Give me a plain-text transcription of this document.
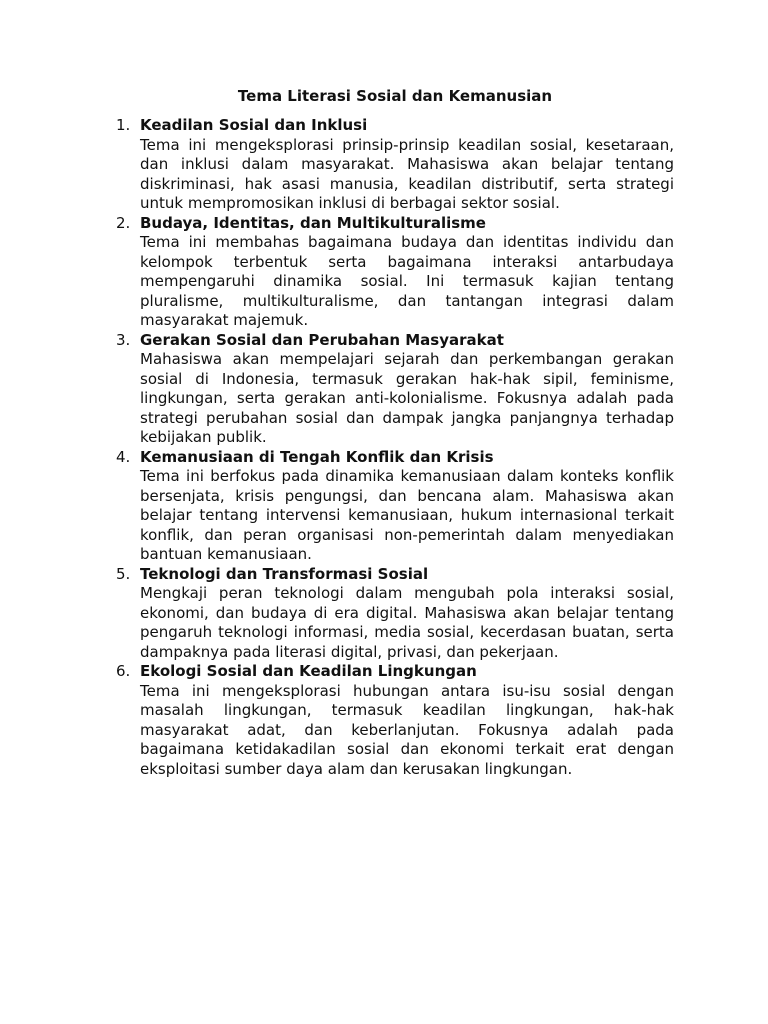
Tema Literasi Sosial dan Kemanusian
1. Keadilan Sosial dan Inklusi
Tema ini mengeksplorasi prinsip-prinsip keadilan sosial, kesetaraan, dan inklusi dalam masyarakat. Mahasiswa akan belajar tentang diskriminasi, hak asasi manusia, keadilan distributif, serta strategi untuk mempromosikan inklusi di berbagai sektor sosial.
2. Budaya, Identitas, dan Multikulturalisme
Tema ini membahas bagaimana budaya dan identitas individu dan kelompok terbentuk serta bagaimana interaksi antarbudaya mempengaruhi dinamika sosial. Ini termasuk kajian tentang pluralisme, multikulturalisme, dan tantangan integrasi dalam masyarakat majemuk.
3. Gerakan Sosial dan Perubahan Masyarakat
Mahasiswa akan mempelajari sejarah dan perkembangan gerakan sosial di Indonesia, termasuk gerakan hak-hak sipil, feminisme, lingkungan, serta gerakan anti-kolonialisme. Fokusnya adalah pada strategi perubahan sosial dan dampak jangka panjangnya terhadap kebijakan publik.
4. Kemanusiaan di Tengah Konflik dan Krisis
Tema ini berfokus pada dinamika kemanusiaan dalam konteks konflik bersenjata, krisis pengungsi, dan bencana alam. Mahasiswa akan belajar tentang intervensi kemanusiaan, hukum internasional terkait konflik, dan peran organisasi non-pemerintah dalam menyediakan bantuan kemanusiaan.
5. Teknologi dan Transformasi Sosial
Mengkaji peran teknologi dalam mengubah pola interaksi sosial, ekonomi, dan budaya di era digital. Mahasiswa akan belajar tentang pengaruh teknologi informasi, media sosial, kecerdasan buatan, serta dampaknya pada literasi digital, privasi, dan pekerjaan.
6. Ekologi Sosial dan Keadilan Lingkungan
Tema ini mengeksplorasi hubungan antara isu-isu sosial dengan masalah lingkungan, termasuk keadilan lingkungan, hak-hak masyarakat adat, dan keberlanjutan. Fokusnya adalah pada bagaimana ketidakadilan sosial dan ekonomi terkait erat dengan eksploitasi sumber daya alam dan kerusakan lingkungan.
